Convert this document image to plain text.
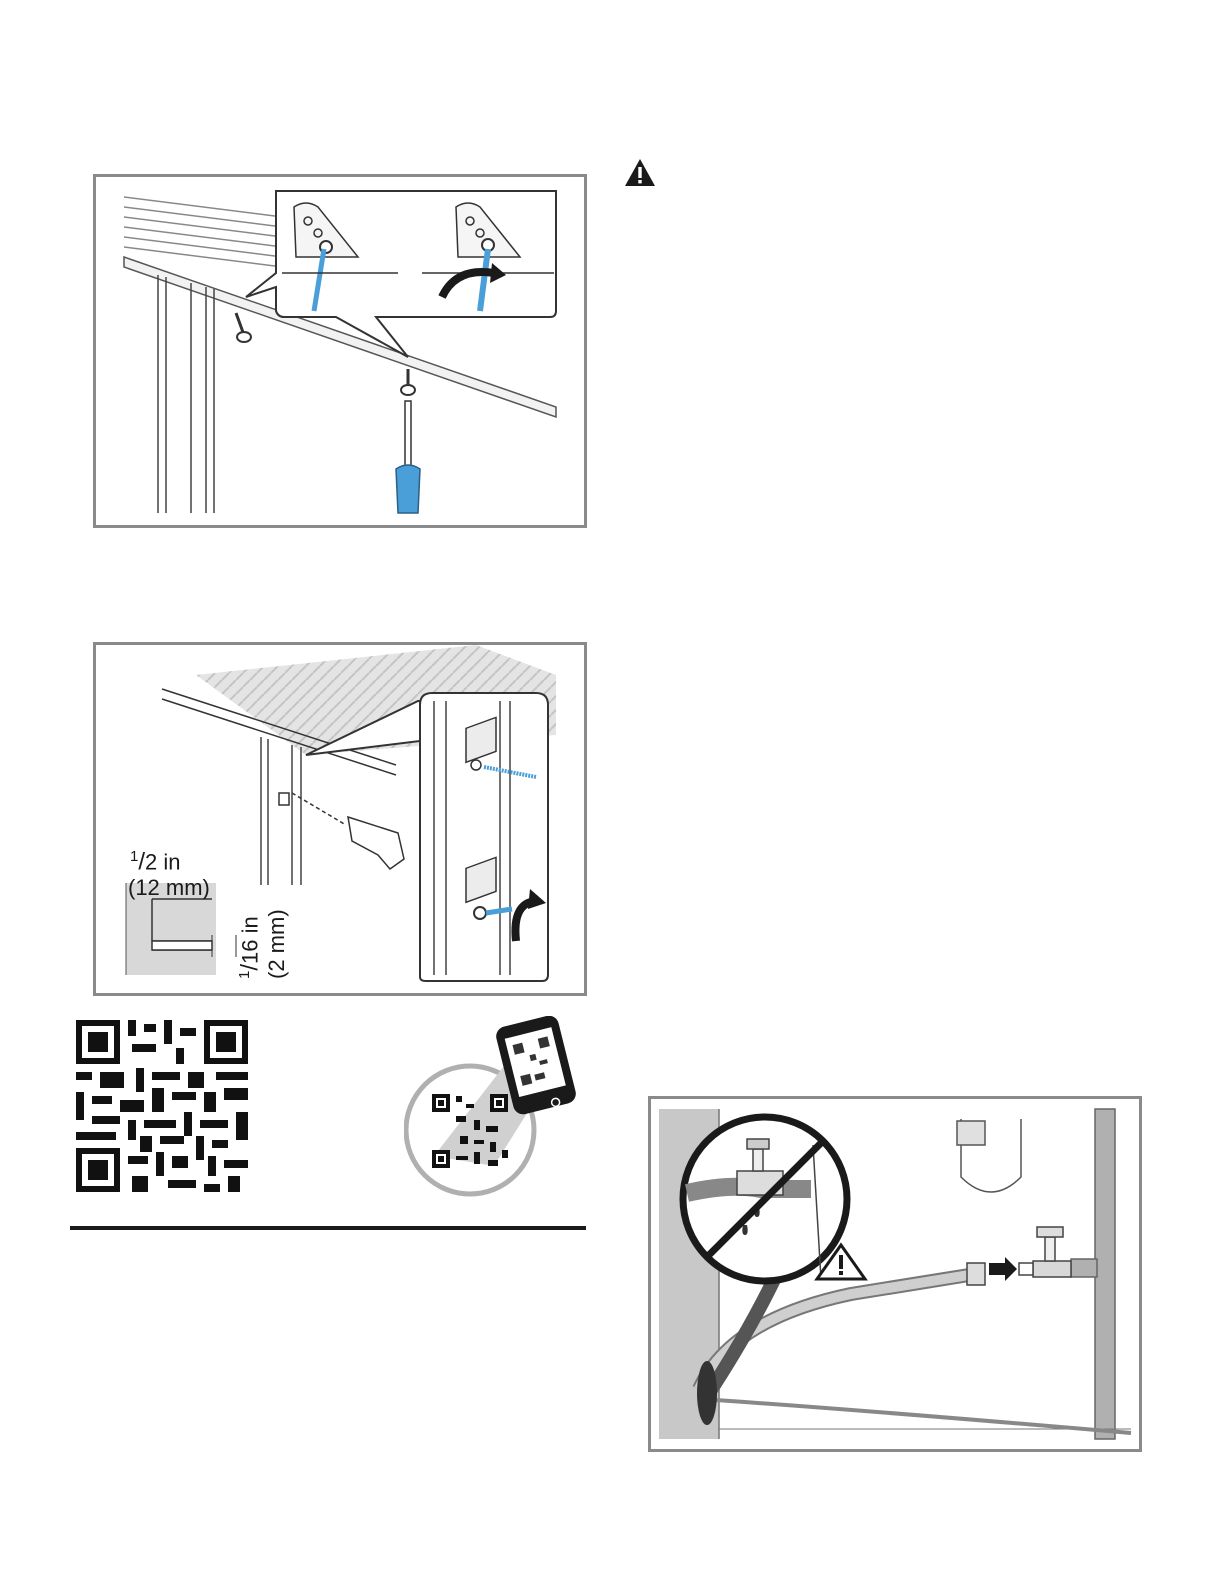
$^1$/2 in
(12 mm)
$^1$/16 in (2 mm)
